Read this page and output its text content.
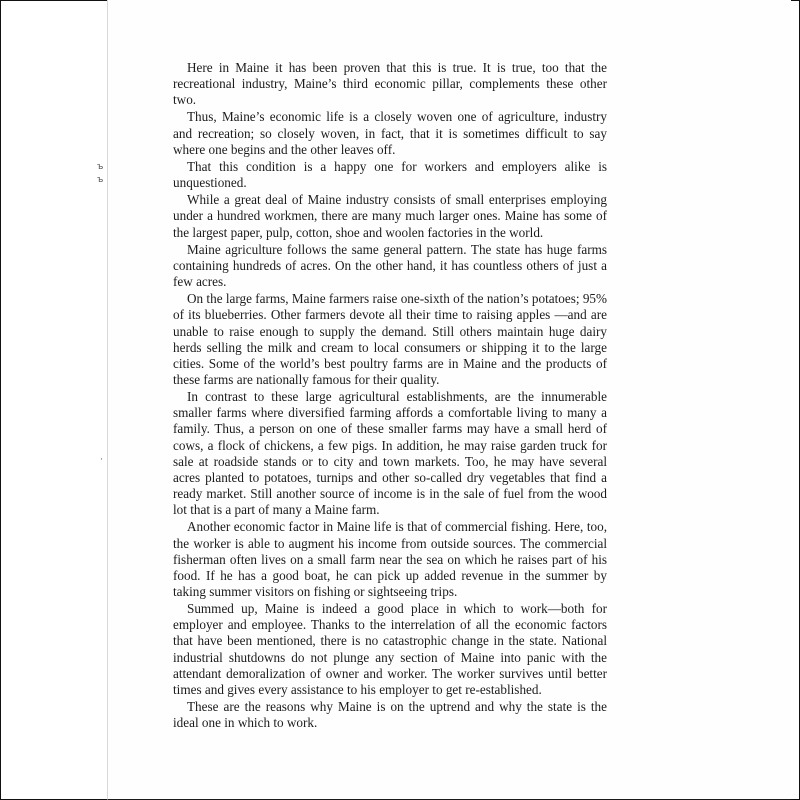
ъ
ъ
·

Here in Maine it has been proven that this is true. It is true, too that the recreational industry, Maine’s third economic pillar, complements these other two.

Thus, Maine’s economic life is a closely woven one of agriculture, industry and recreation; so closely woven, in fact, that it is sometimes difficult to say where one begins and the other leaves off.

That this condition is a happy one for workers and employers alike is unquestioned.

While a great deal of Maine industry consists of small enterprises employing under a hundred workmen, there are many much larger ones. Maine has some of the largest paper, pulp, cotton, shoe and woolen factories in the world.

Maine agriculture follows the same general pattern. The state has huge farms containing hundreds of acres. On the other hand, it has countless others of just a few acres.

On the large farms, Maine farmers raise one-sixth of the nation’s potatoes; 95% of its blueberries. Other farmers devote all their time to raising apples —and are unable to raise enough to supply the demand. Still others maintain huge dairy herds selling the milk and cream to local consumers or shipping it to the large cities. Some of the world’s best poultry farms are in Maine and the products of these farms are nationally famous for their quality.

In contrast to these large agricultural establishments, are the innumerable smaller farms where diversified farming affords a comfortable living to many a family. Thus, a person on one of these smaller farms may have a small herd of cows, a flock of chickens, a few pigs. In addition, he may raise garden truck for sale at roadside stands or to city and town markets. Too, he may have several acres planted to potatoes, turnips and other so-called dry vegetables that find a ready market. Still another source of income is in the sale of fuel from the wood lot that is a part of many a Maine farm.

Another economic factor in Maine life is that of commercial fishing. Here, too, the worker is able to augment his income from outside sources. The commercial fisherman often lives on a small farm near the sea on which he raises part of his food. If he has a good boat, he can pick up added revenue in the summer by taking summer visitors on fishing or sightseeing trips.

Summed up, Maine is indeed a good place in which to work—both for employer and employee. Thanks to the interrelation of all the economic factors that have been mentioned, there is no catastrophic change in the state. National industrial shutdowns do not plunge any section of Maine into panic with the attendant demoralization of owner and worker. The worker survives until better times and gives every assistance to his employer to get re-established.

These are the reasons why Maine is on the uptrend and why the state is the ideal one in which to work.
